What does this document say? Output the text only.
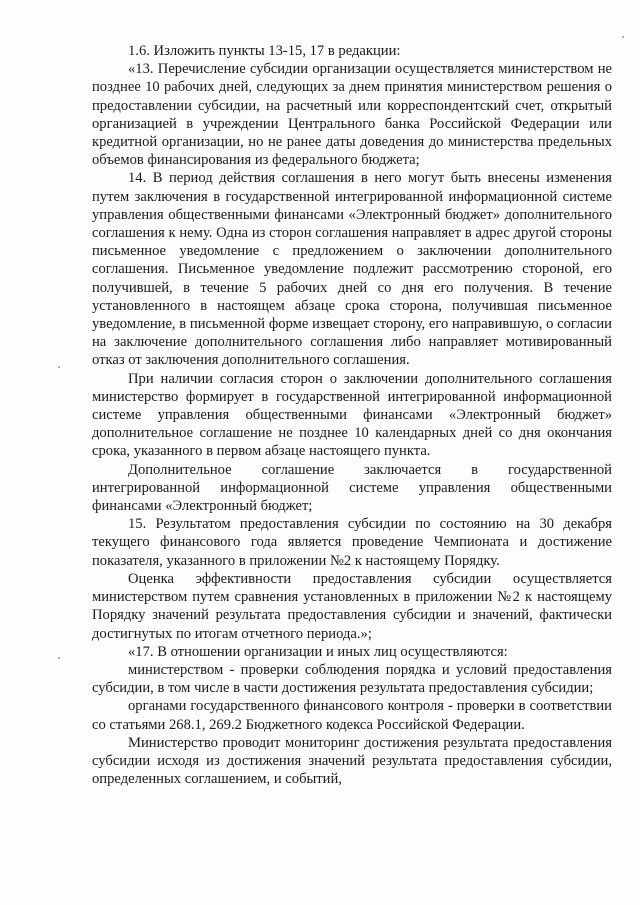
1.6. Изложить пункты 13-15, 17 в редакции:

«13. Перечисление субсидии организации осуществляется министерством не позднее 10 рабочих дней, следующих за днем принятия министерством решения о предоставлении субсидии, на расчетный или корреспондентский счет, открытый организацией в учреждении Центрального банка Российской Федерации или кредитной организации, но не ранее даты доведения до министерства предельных объемов финансирования из федерального бюджета;

14. В период действия соглашения в него могут быть внесены изменения путем заключения в государственной интегрированной информационной системе управления общественными финансами «Электронный бюджет» дополнительного соглашения к нему. Одна из сторон соглашения направляет в адрес другой стороны письменное уведомление с предложением о заключении дополнительного соглашения. Письменное уведомление подлежит рассмотрению стороной, его получившей, в течение 5 рабочих дней со дня его получения. В течение установленного в настоящем абзаце срока сторона, получившая письменное уведомление, в письменной форме извещает сторону, его направившую, о согласии на заключение дополнительного соглашения либо направляет мотивированный отказ от заключения дополнительного соглашения.

При наличии согласия сторон о заключении дополнительного соглашения министерство формирует в государственной интегрированной информационной системе управления общественными финансами «Электронный бюджет» дополнительное соглашение не позднее 10 календарных дней со дня окончания срока, указанного в первом абзаце настоящего пункта.

Дополнительное соглашение заключается в государственной интегрированной информационной системе управления общественными финансами «Электронный бюджет;

15. Результатом предоставления субсидии по состоянию на 30 декабря текущего финансового года является проведение Чемпионата и достижение показателя, указанного в приложении №2 к настоящему Порядку.

Оценка эффективности предоставления субсидии осуществляется министерством путем сравнения установленных в приложении №2 к настоящему Порядку значений результата предоставления субсидии и значений, фактически достигнутых по итогам отчетного периода.»;

«17. В отношении организации и иных лиц осуществляются:

министерством - проверки соблюдения порядка и условий предоставления субсидии, в том числе в части достижения результата предоставления субсидии;

органами государственного финансового контроля - проверки в соответствии со статьями 268.1, 269.2 Бюджетного кодекса Российской Федерации.

Министерство проводит мониторинг достижения результата предоставления субсидии исходя из достижения значений результата предоставления субсидии, определенных соглашением, и событий,
